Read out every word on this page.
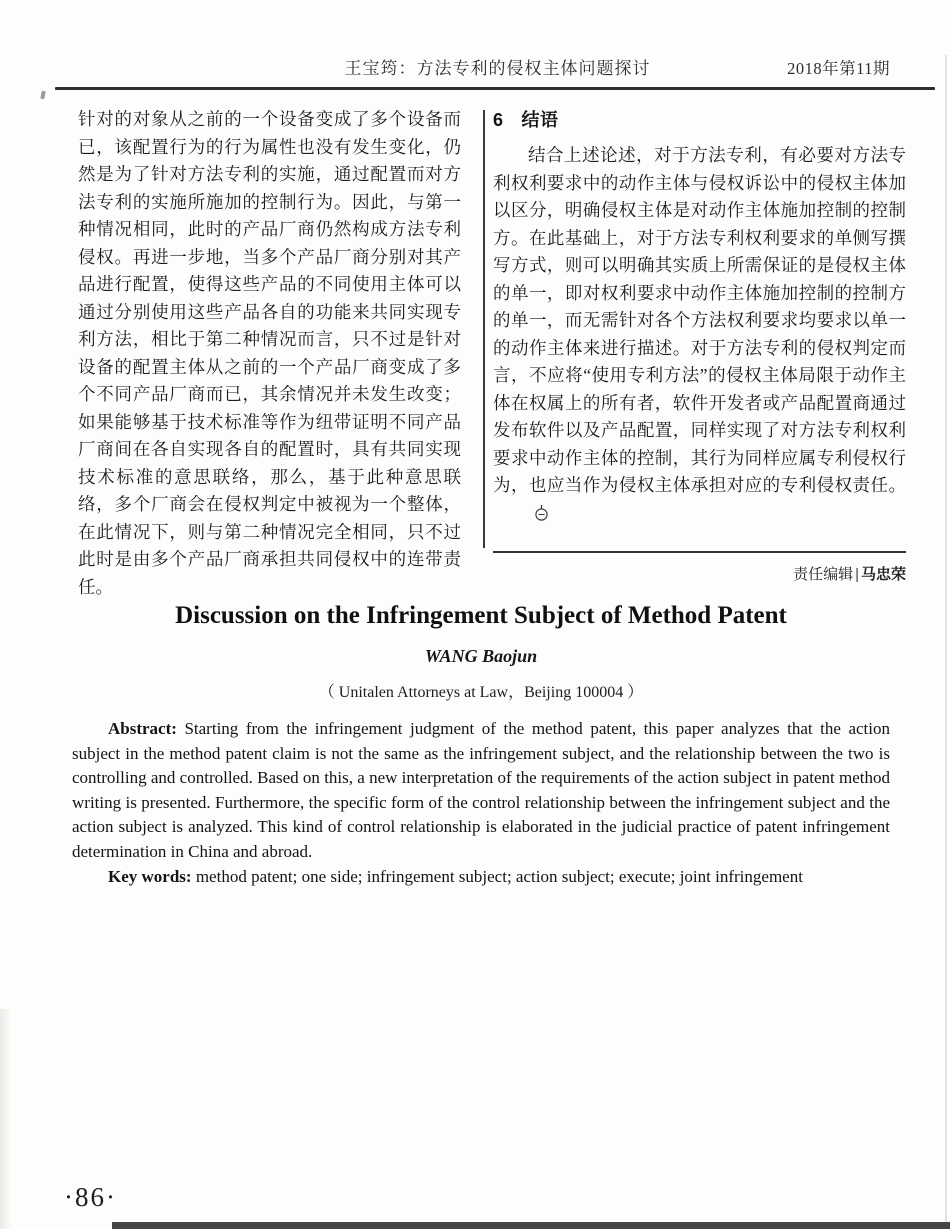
王宝筠：方法专利的侵权主体问题探讨	2018年第11期

针对的对象从之前的一个设备变成了多个设备而已，该配置行为的行为属性也没有发生变化，仍然是为了针对方法专利的实施，通过配置而对方法专利的实施所施加的控制行为。因此，与第一种情况相同，此时的产品厂商仍然构成方法专利侵权。再进一步地，当多个产品厂商分别对其产品进行配置，使得这些产品的不同使用主体可以通过分别使用这些产品各自的功能来共同实现专利方法，相比于第二种情况而言，只不过是针对设备的配置主体从之前的一个产品厂商变成了多个不同产品厂商而已，其余情况并未发生改变；如果能够基于技术标准等作为纽带证明不同产品厂商间在各自实现各自的配置时，具有共同实现技术标准的意思联络，那么，基于此种意思联络，多个厂商会在侵权判定中被视为一个整体，在此情况下，则与第二种情况完全相同，只不过此时是由多个产品厂商承担共同侵权中的连带责任。

6 结语

结合上述论述，对于方法专利，有必要对方法专利权利要求中的动作主体与侵权诉讼中的侵权主体加以区分，明确侵权主体是对动作主体施加控制的控制方。在此基础上，对于方法专利权利要求的单侧写撰写方式，则可以明确其实质上所需保证的是侵权主体的单一，即对权利要求中动作主体施加控制的控制方的单一，而无需针对各个方法权利要求均要求以单一的动作主体来进行描述。对于方法专利的侵权判定而言，不应将“使用专利方法”的侵权主体局限于动作主体在权属上的所有者，软件开发者或产品配置商通过发布软件以及产品配置，同样实现了对方法专利权利要求中动作主体的控制，其行为同样应属专利侵权行为，也应当作为侵权主体承担对应的专利侵权责任。

责任编辑 | 马忠荣
Discussion on the Infringement Subject of Method Patent
WANG Baojun
（ Unitalen Attorneys at Law，Beijing 100004 ）

Abstract: Starting from the infringement judgment of the method patent, this paper analyzes that the action subject in the method patent claim is not the same as the infringement subject, and the relationship between the two is controlling and controlled. Based on this, a new interpretation of the requirements of the action subject in patent method writing is presented. Furthermore, the specific form of the control relationship between the infringement subject and the action subject is analyzed. This kind of control relationship is elaborated in the judicial practice of patent infringement determination in China and abroad.

Key words: method patent; one side; infringement subject; action subject; execute; joint infringement

·86·
